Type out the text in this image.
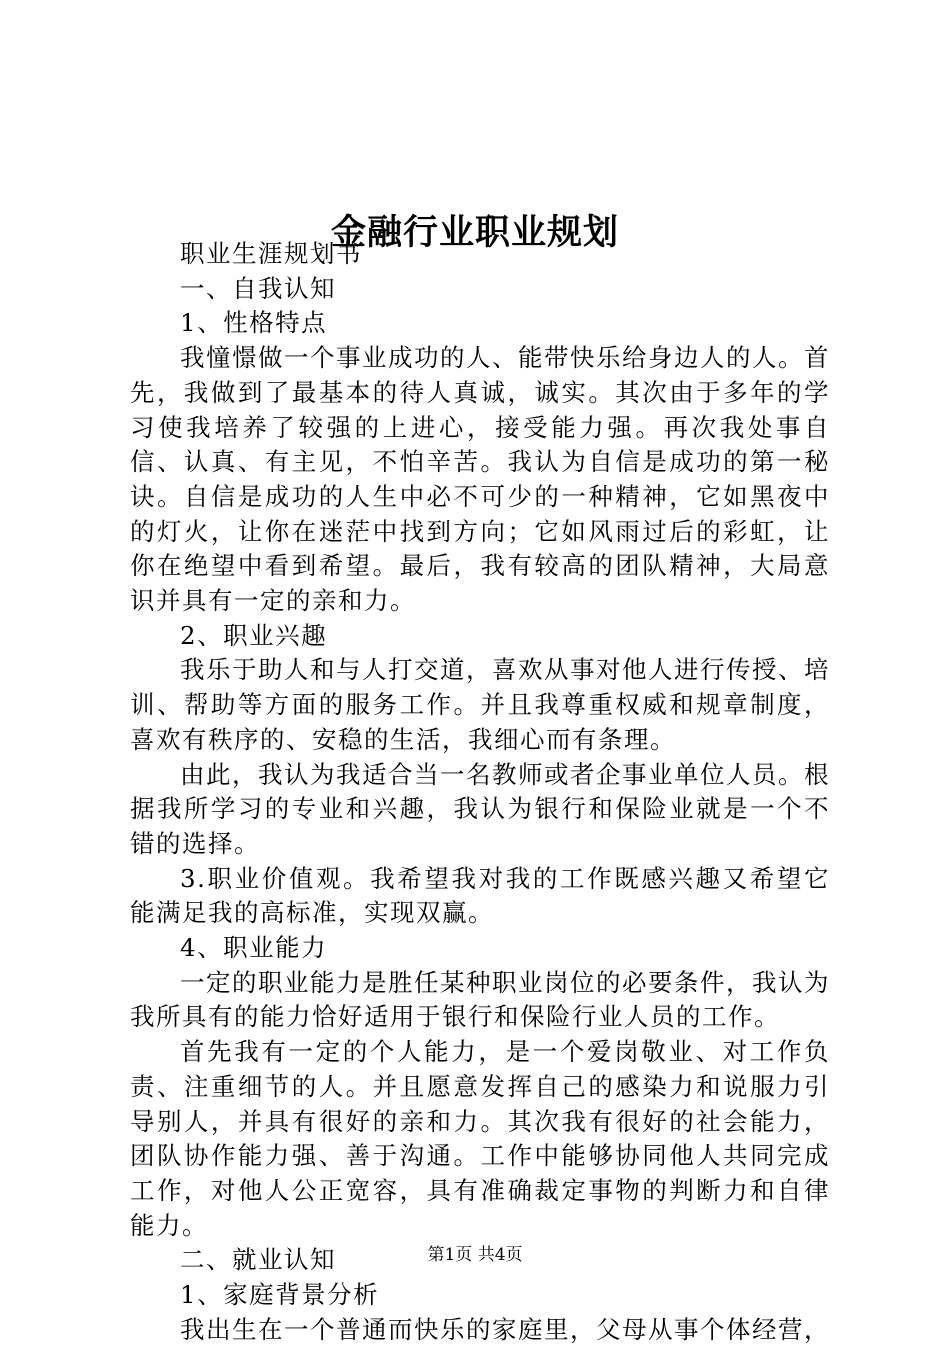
金融行业职业规划

职业生涯规划书

一、自我认知

1、性格特点

我憧憬做一个事业成功的人、能带快乐给身边人的人。首先，我做到了最基本的待人真诚，诚实。其次由于多年的学习使我培养了较强的上进心，接受能力强。再次我处事自信、认真、有主见，不怕辛苦。我认为自信是成功的第一秘诀。自信是成功的人生中必不可少的一种精神，它如黑夜中的灯火，让你在迷茫中找到方向；它如风雨过后的彩虹，让你在绝望中看到希望。最后，我有较高的团队精神，大局意识并具有一定的亲和力。

2、职业兴趣

我乐于助人和与人打交道，喜欢从事对他人进行传授、培训、帮助等方面的服务工作。并且我尊重权威和规章制度，喜欢有秩序的、安稳的生活，我细心而有条理。

由此，我认为我适合当一名教师或者企事业单位人员。根据我所学习的专业和兴趣，我认为银行和保险业就是一个不错的选择。

3.职业价值观。我希望我对我的工作既感兴趣又希望它能满足我的高标准，实现双赢。

4、职业能力

一定的职业能力是胜任某种职业岗位的必要条件，我认为我所具有的能力恰好适用于银行和保险行业人员的工作。

首先我有一定的个人能力，是一个爱岗敬业、对工作负责、注重细节的人。并且愿意发挥自己的感染力和说服力引导别人，并具有很好的亲和力。其次我有很好的社会能力，团队协作能力强、善于沟通。工作中能够协同他人共同完成工作，对他人公正宽容，具有准确裁定事物的判断力和自律能力。

二、就业认知

1、家庭背景分析

我出生在一个普通而快乐的家庭里，父母从事个体经营，

第1页 共4页
